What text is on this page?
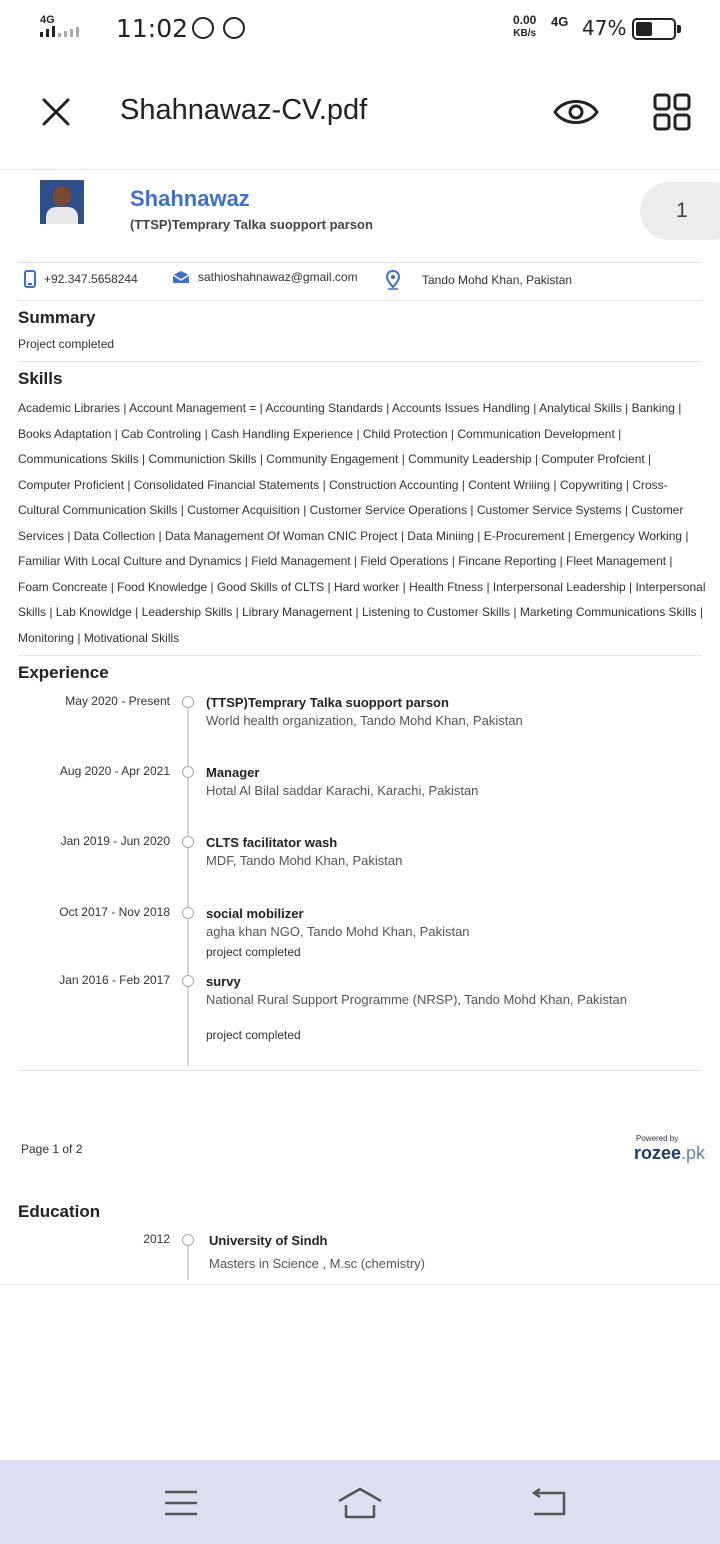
4G 11:02	0.00
KB/s
4G 47%
Shahnawaz-CV.pdf
1
Shahnawaz
(TTSP)Temprary Talka suopport parson
+92.347.5658244	sathioshahnawaz@gmail.com	Tando Mohd Khan, Pakistan
Summary
Project completed
Skills
Academic Libraries | Account Management = | Accounting Standards | Accounts Issues Handling | Analytical Skills | Banking | Books Adaptation | Cab Controling | Cash Handling Experience | Child Protection | Communication Development | Communications Skills | Communiction Skills | Community Engagement | Community Leadership | Computer Profcient | Computer Proficient | Consolidated Financial Statements | Construction Accounting | Content Wriiing | Copywriting | Cross-Cultural Communication Skills | Customer Acquisition | Customer Service Operations | Customer Service Systems | Customer Services | Data Collection | Data Management Of Woman CNIC Project | Data Miniing | E-Procurement | Emergency Working | Familiar With Local Culture and Dynamics | Field Management | Field Operations | Fincane Reporting | Fleet Management | Foam Concreate | Food Knowledge | Good Skills of CLTS | Hard worker | Health Ftness | Interpersonal Leadership | Interpersonal Skills | Lab Knowldge | Leadership Skills | Library Management | Listening to Customer Skills | Marketing Communications Skills | Monitoring | Motivational Skills
Experience
May 2020 - Present	(TTSP)Temprary Talka suopport parson
World health organization, Tando Mohd Khan, Pakistan
Aug 2020 - Apr 2021	Manager
Hotal Al Bilal saddar Karachi, Karachi, Pakistan
Jan 2019 - Jun 2020	CLTS facilitator wash
MDF, Tando Mohd Khan, Pakistan
Oct 2017 - Nov 2018	social mobilizer
agha khan NGO, Tando Mohd Khan, Pakistan
project completed
Jan 2016 - Feb 2017	survy
National Rural Support Programme (NRSP), Tando Mohd Khan, Pakistan
project completed
Page 1 of 2
Powered by
rozee.pk
Education
2012	University of Sindh
Masters in Science , M.sc (chemistry)
